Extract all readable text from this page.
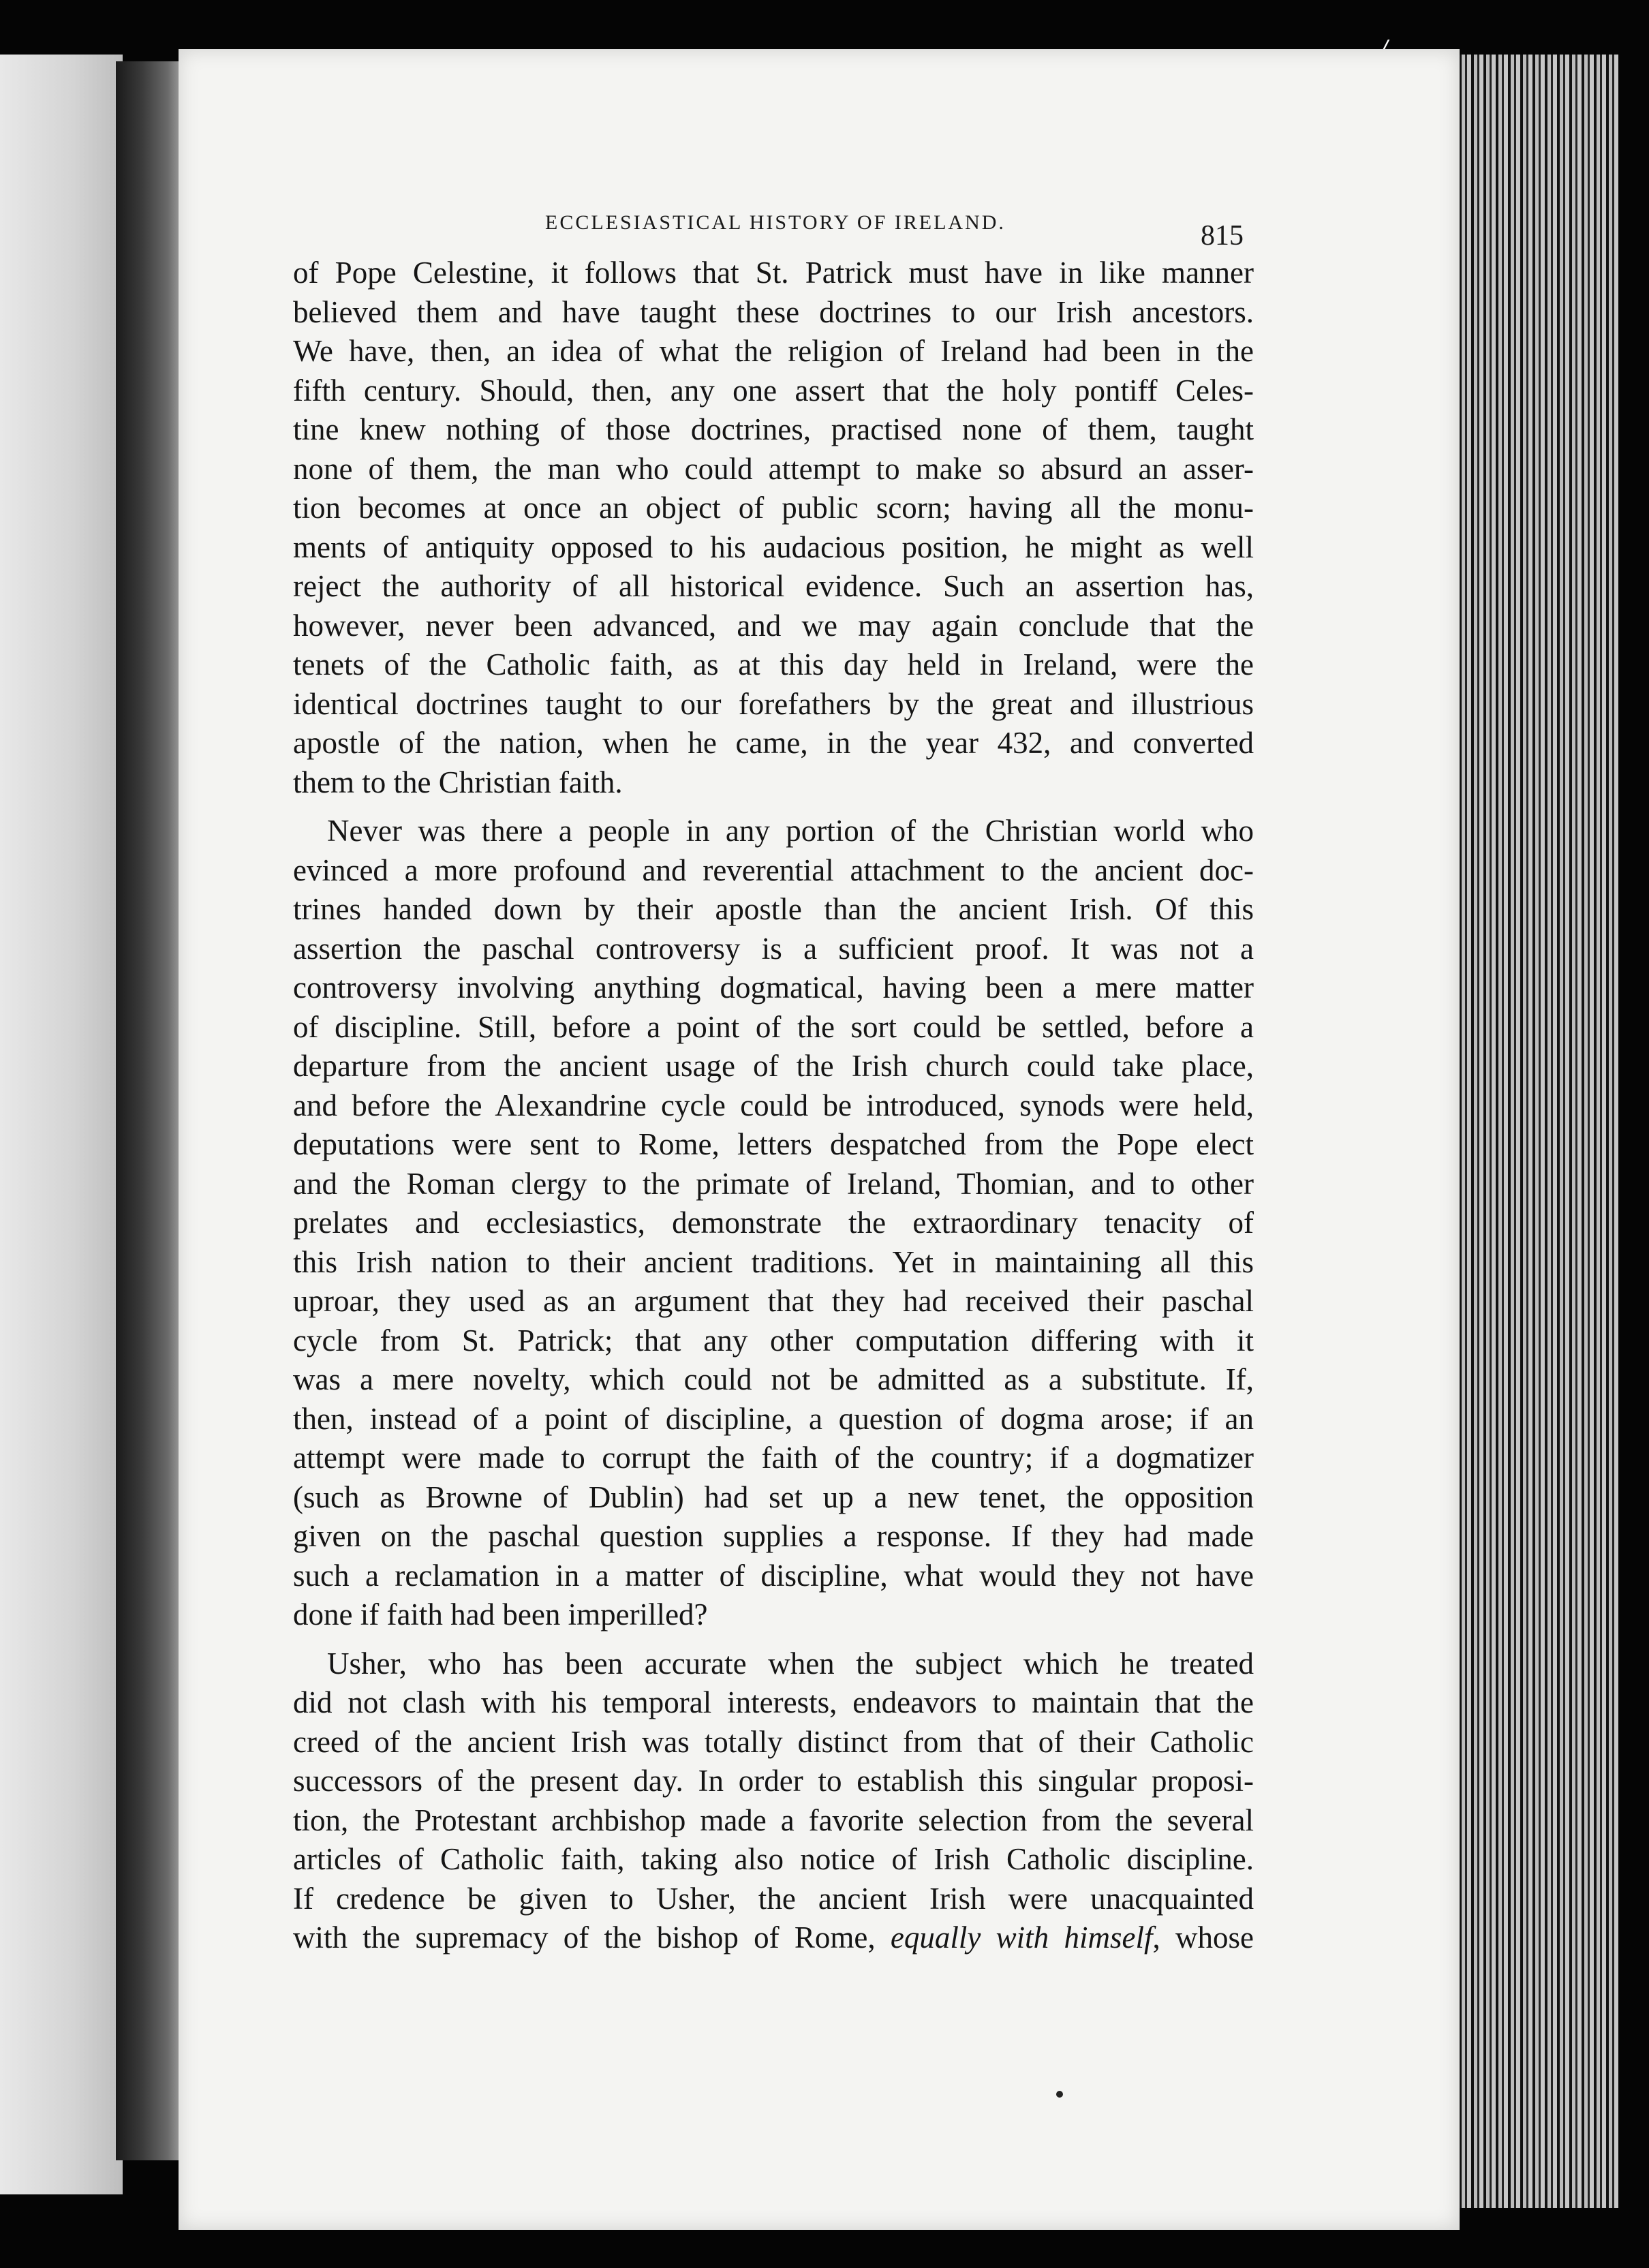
ECCLESIASTICAL HISTORY OF IRELAND.	815

of Pope Celestine, it follows that St. Patrick must have in like manner
believed them and have taught these doctrines to our Irish ancestors.
We have, then, an idea of what the religion of Ireland had been in the
fifth century. Should, then, any one assert that the holy pontiff Celes-
tine knew nothing of those doctrines, practised none of them, taught
none of them, the man who could attempt to make so absurd an asser-
tion becomes at once an object of public scorn; having all the monu-
ments of antiquity opposed to his audacious position, he might as well
reject the authority of all historical evidence. Such an assertion has,
however, never been advanced, and we may again conclude that the
tenets of the Catholic faith, as at this day held in Ireland, were the
identical doctrines taught to our forefathers by the great and illustrious
apostle of the nation, when he came, in the year 432, and converted
them to the Christian faith.

Never was there a people in any portion of the Christian world who
evinced a more profound and reverential attachment to the ancient doc-
trines handed down by their apostle than the ancient Irish. Of this
assertion the paschal controversy is a sufficient proof. It was not a
controversy involving anything dogmatical, having been a mere matter
of discipline. Still, before a point of the sort could be settled, before a
departure from the ancient usage of the Irish church could take place,
and before the Alexandrine cycle could be introduced, synods were held,
deputations were sent to Rome, letters despatched from the Pope elect
and the Roman clergy to the primate of Ireland, Thomian, and to other
prelates and ecclesiastics, demonstrate the extraordinary tenacity of
this Irish nation to their ancient traditions. Yet in maintaining all this
uproar, they used as an argument that they had received their paschal
cycle from St. Patrick; that any other computation differing with it
was a mere novelty, which could not be admitted as a substitute. If,
then, instead of a point of discipline, a question of dogma arose; if an
attempt were made to corrupt the faith of the country; if a dogmatizer
(such as Browne of Dublin) had set up a new tenet, the opposition
given on the paschal question supplies a response. If they had made
such a reclamation in a matter of discipline, what would they not have
done if faith had been imperilled?

Usher, who has been accurate when the subject which he treated
did not clash with his temporal interests, endeavors to maintain that the
creed of the ancient Irish was totally distinct from that of their Catholic
successors of the present day. In order to establish this singular proposi-
tion, the Protestant archbishop made a favorite selection from the several
articles of Catholic faith, taking also notice of Irish Catholic discipline.
If credence be given to Usher, the ancient Irish were unacquainted
with the supremacy of the bishop of Rome, equally with himself, whose
